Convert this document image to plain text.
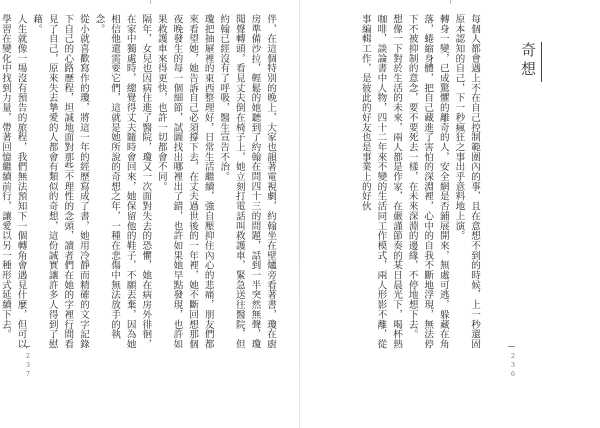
奇想

每個人都會遇上不在自己控制範圍內的事，且在意想不到的時候，上一秒還固原本認知的自己，下一秒瘋狂之事出乎意料地上演。

轉身一變，已成驚懼的離奇的人，安全網是否鋪展開來，無處可逃，躲藏在角落，蜷縮身體，把自己藏進了害怕的深淵裡，心中的自我不斷地浮現，無法停下不被抑制的意念，要不要死去一樣，在未來深淵的邊緣，不停地想下去。

想像一下對於生活的未來，兩人都是作家，在嚴謹節奏的某日晨光下，喝杯熱咖啡，談論書中人物，四十二年來不變的生活同工作模式，兩人形影不離，從事編輯工作，是彼此的好友也是事業上的好伙

236

伴，在這個特別的晚上，大家也韻著電視劇，約翰坐在壁爐旁看著書，瓊在廚房準備沙拉，輕鬆的她聽到了約翰在問四十三的問題，話到一半突然無聲，瓊聞聲轉頭，看見丈夫倒在椅子上，她立刻打電話叫救護車，緊急送往醫院，但約翰已經沒有了呼吸，醫生宣告不治。

瓊把抽屜裡的東西整理好，日常生活繼續，強自壓抑住內心的悲痛，朋友們都來看望她，她告訴自己必須撐下去，在丈夫過世後的一年裡，她不斷回想那個夜晚發生的每一個細節，試圖找出哪裡出了錯，也許如果她早點發現，也許如果救護車來得更快，也許一切都會不同。

隔年，女兒也因病住進了醫院，瓊又一次面對失去的恐懼，她在病房外徘徊，在家中獨處時，總覺得丈夫隨時會回來，她保留他的鞋子，不願丟棄，因為她相信他還需要它們，這就是她所說的奇想之年，一種在悲傷中無法放手的執念。

從小就喜歡寫作的瓊，將這一年的經歷寫成了書，她用冷靜而精確的文字記錄下自己的心路歷程，坦誠地面對那些不理性的念頭，讀者們在她的字裡行間看見了自己，原來失去摯愛的人都會有類似的奇想，這份誠實讓許多人得到了慰藉。

人生就像一場沒有預告的旅程，我們無法預知下一個轉角會遇見什麼，但可以學習在變化中找到力量，帶著回憶繼續前行，讓愛以另一種形式延續下去。

237
